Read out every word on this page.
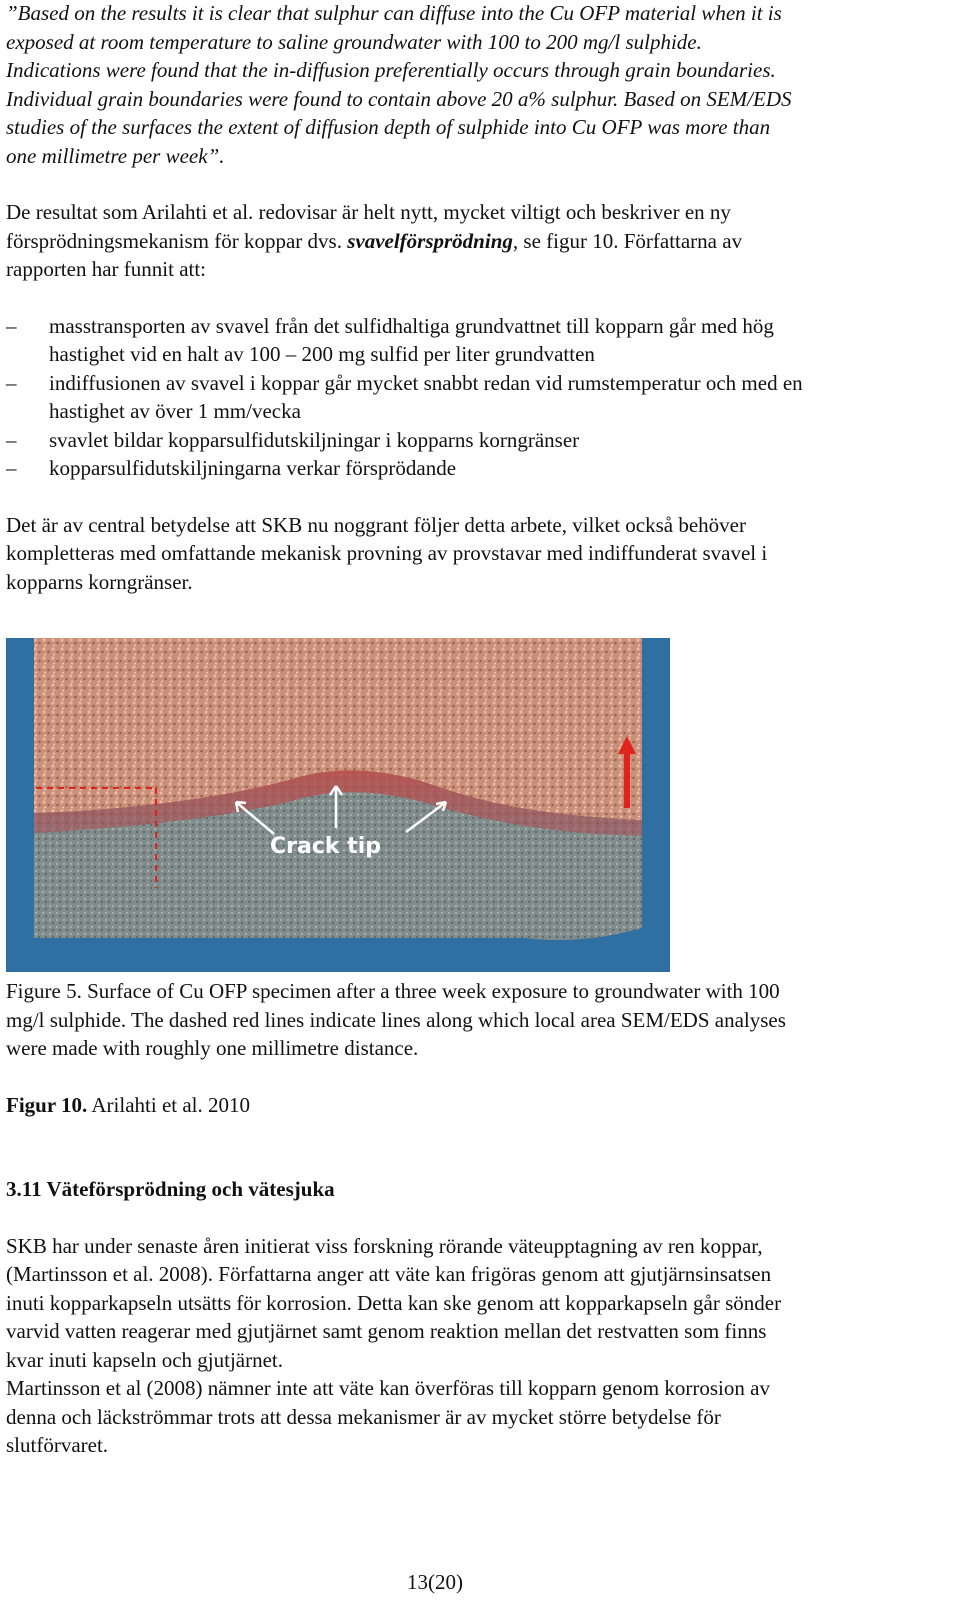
”Based on the results it is clear that sulphur can diffuse into the Cu OFP material when it is

exposed at room temperature to saline groundwater with 100 to 200 mg/l sulphide.

Indications were found that the in-diffusion preferentially occurs through grain boundaries.

Individual grain boundaries were found to contain above 20 a% sulphur. Based on SEM/EDS

studies of the surfaces the extent of diffusion depth of sulphide into Cu OFP was more than

one millimetre per week”.

De resultat som Arilahti et al. redovisar är helt nytt, mycket viltigt och beskriver en ny

försprödningsmekanism för koppar dvs. svavelförsprödning, se figur 10. Författarna av

rapporten har funnit att:

– masstransporten av svavel från det sulfidhaltiga grundvattnet till kopparn går med hög

hastighet vid en halt av 100 – 200 mg sulfid per liter grundvatten

– indiffusionen av svavel i koppar går mycket snabbt redan vid rumstemperatur och med en

hastighet av över 1 mm/vecka

– svavlet bildar kopparsulfidutskiljningar i kopparns korngränser

– kopparsulfidutskiljningarna verkar försprödande

Det är av central betydelse att SKB nu noggrant följer detta arbete, vilket också behöver

kompletteras med omfattande mekanisk provning av provstavar med indiffunderat svavel i

kopparns korngränser.

Crack tip

Figure 5. Surface of Cu OFP specimen after a three week exposure to groundwater with 100

mg/l sulphide. The dashed red lines indicate lines along which local area SEM/EDS analyses

were made with roughly one millimetre distance.

Figur 10. Arilahti et al. 2010

3.11 Väteförsprödning och vätesjuka

SKB har under senaste åren initierat viss forskning rörande väteupptagning av ren koppar,

(Martinsson et al. 2008). Författarna anger att väte kan frigöras genom att gjutjärnsinsatsen

inuti kopparkapseln utsätts för korrosion. Detta kan ske genom att kopparkapseln går sönder

varvid vatten reagerar med gjutjärnet samt genom reaktion mellan det restvatten som finns

kvar inuti kapseln och gjutjärnet.

Martinsson et al (2008) nämner inte att väte kan överföras till kopparn genom korrosion av

denna och läckströmmar trots att dessa mekanismer är av mycket större betydelse för

slutförvaret.

13(20)
